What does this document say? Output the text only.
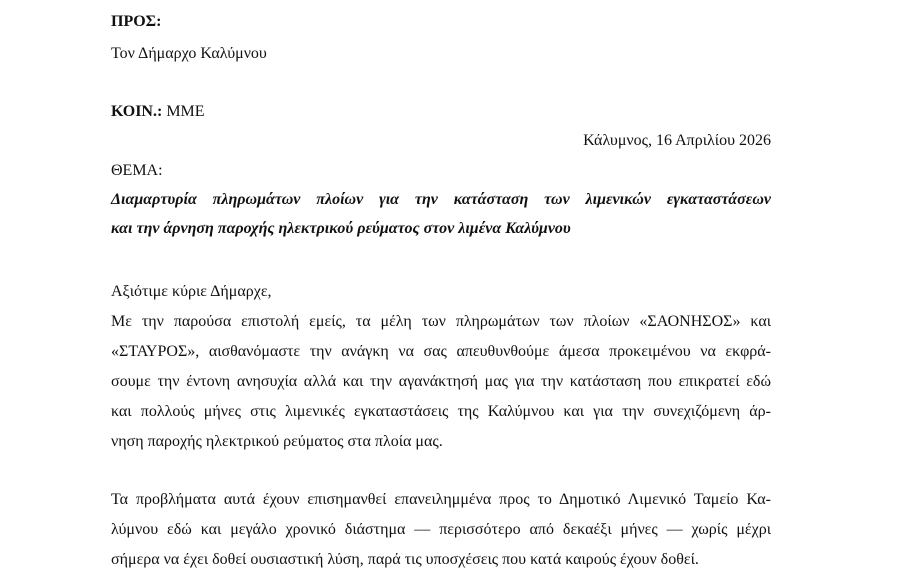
ΠΡΟΣ:
Τον Δήμαρχο Καλύμνου
ΚΟΙΝ.: ΜΜΕ
Κάλυμνος, 16 Απριλίου 2026
ΘΕΜΑ:
Διαμαρτυρία πληρωμάτων πλοίων για την κατάσταση των λιμενικών εγκαταστάσεων
και την άρνηση παροχής ηλεκτρικού ρεύματος στον λιμένα Καλύμνου
Αξιότιμε κύριε Δήμαρχε,
Με την παρούσα επιστολή εμείς, τα μέλη των πληρωμάτων των πλοίων «ΣΑΟΝΗΣΟΣ» και
«ΣΤΑΥΡΟΣ», αισθανόμαστε την ανάγκη να σας απευθυνθούμε άμεσα προκειμένου να εκφρά-
σουμε την έντονη ανησυχία αλλά και την αγανάκτησή μας για την κατάσταση που επικρατεί εδώ
και πολλούς μήνες στις λιμενικές εγκαταστάσεις της Καλύμνου και για την συνεχιζόμενη άρ-
νηση παροχής ηλεκτρικού ρεύματος στα πλοία μας.
Τα προβλήματα αυτά έχουν επισημανθεί επανειλημμένα προς το Δημοτικό Λιμενικό Ταμείο Κα-
λύμνου εδώ και μεγάλο χρονικό διάστημα — περισσότερο από δεκαέξι μήνες — χωρίς μέχρι
σήμερα να έχει δοθεί ουσιαστική λύση, παρά τις υποσχέσεις που κατά καιρούς έχουν δοθεί.
